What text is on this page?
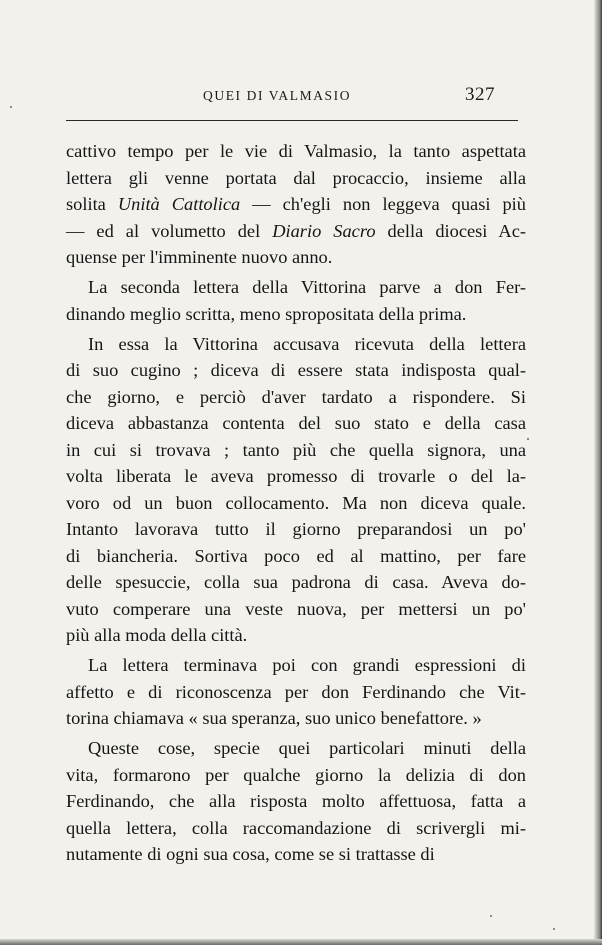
QUEI DI VALMASIO	327
cattivo tempo per le vie di Valmasio, la tanto aspettata
lettera gli venne portata dal procaccio, insieme alla
solita Unità Cattolica — ch'egli non leggeva quasi più
— ed al volumetto del Diario Sacro della diocesi Ac-
quense per l'imminente nuovo anno.
La seconda lettera della Vittorina parve a don Fer-
dinando meglio scritta, meno spropositata della prima.
In essa la Vittorina accusava ricevuta della lettera
di suo cugino ; diceva di essere stata indisposta qual-
che giorno, e perciò d'aver tardato a rispondere. Si
diceva abbastanza contenta del suo stato e della casa
in cui si trovava ; tanto più che quella signora, una
volta liberata le aveva promesso di trovarle o del la-
voro od un buon collocamento. Ma non diceva quale.
Intanto lavorava tutto il giorno preparandosi un po'
di biancheria. Sortiva poco ed al mattino, per fare
delle spesuccie, colla sua padrona di casa. Aveva do-
vuto comperare una veste nuova, per mettersi un po'
più alla moda della città.
La lettera terminava poi con grandi espressioni di
affetto e di riconoscenza per don Ferdinando che Vit-
torina chiamava « sua speranza, suo unico benefattore. »
Queste cose, specie quei particolari minuti della
vita, formarono per qualche giorno la delizia di don
Ferdinando, che alla risposta molto affettuosa, fatta a
quella lettera, colla raccomandazione di scrivergli mi-
nutamente di ogni sua cosa, come se si trattasse di
